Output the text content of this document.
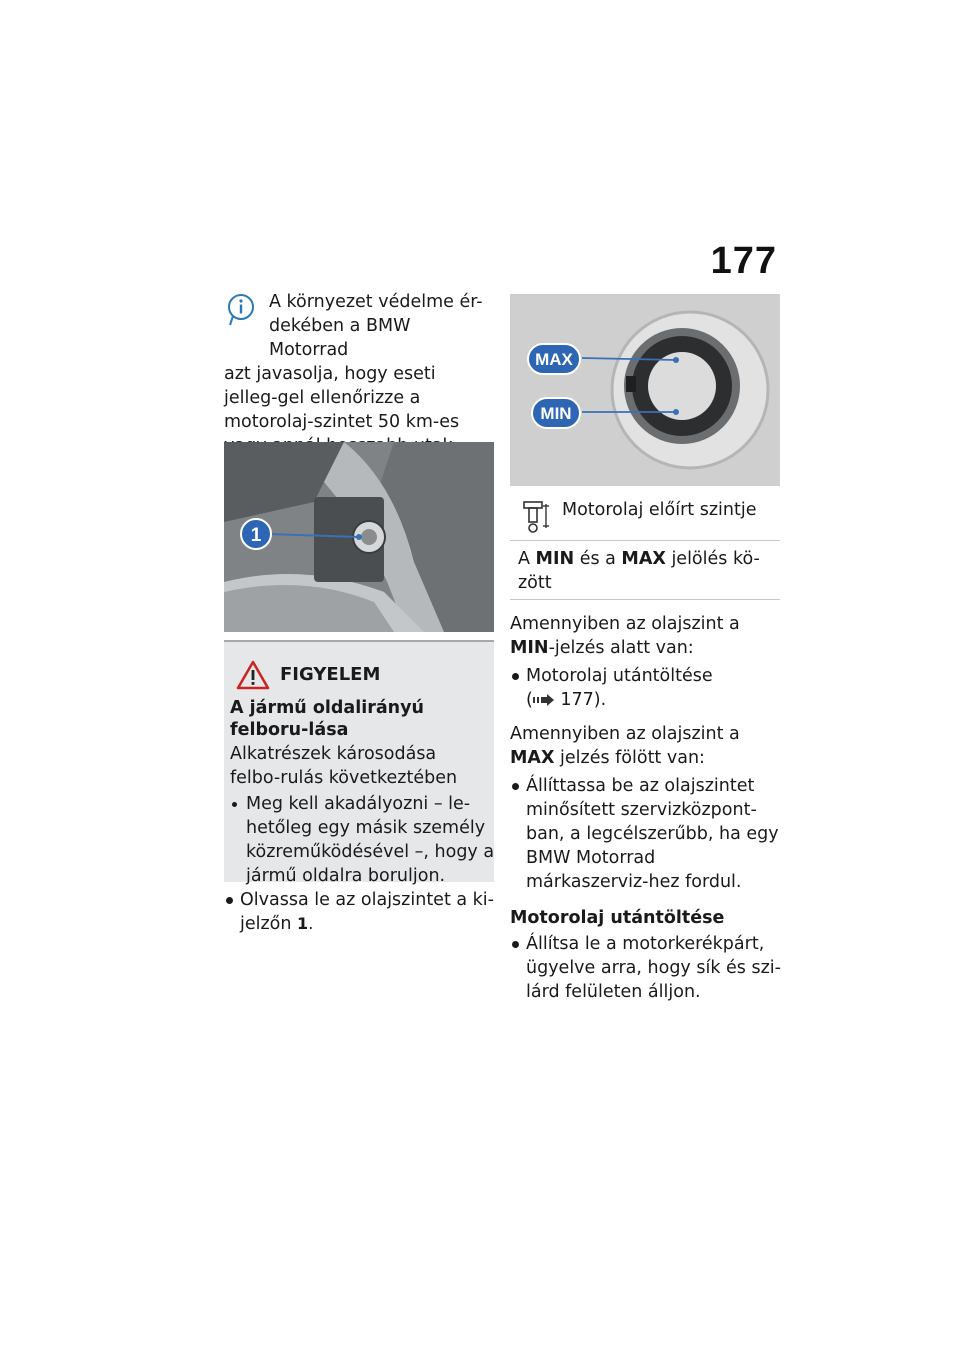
177

A környezet védelme ér-

dekében a BMW Motorrad

azt javasolja, hogy eseti jelleg-gel ellenőrizze a motorolaj-szintet 50 km-es

1
FIGYELEM
A jármű oldalirányú felboru-lása
Alkatrészek károsodása felbo-rulás következtében
Meg kell akadályozni – le-hetőleg egy másik személy közreműködésével –, hogy a jármű oldalra boruljon.
Olvassa le az olajszintet a ki-jelzőn 1.
MAX
MIN
Motorolaj előírt szintje
A MIN és a MAX jelölés kö-zött

Amennyiben az olajszint a MIN-jelzés alatt van:

Motorolaj utántöltése
( 177).

Amennyiben az olajszint a MAX jelzés fölött van:

Állíttassa be az olajszintet minősített szervizközpont-ban, a legcélszerűbb, ha egy BMW Motorrad márkaszerviz-hez fordul.
Motorolaj utántöltése
Állítsa le a motorkerékpárt, ügyelve arra, hogy sík és szi-lárd felületen álljon.
